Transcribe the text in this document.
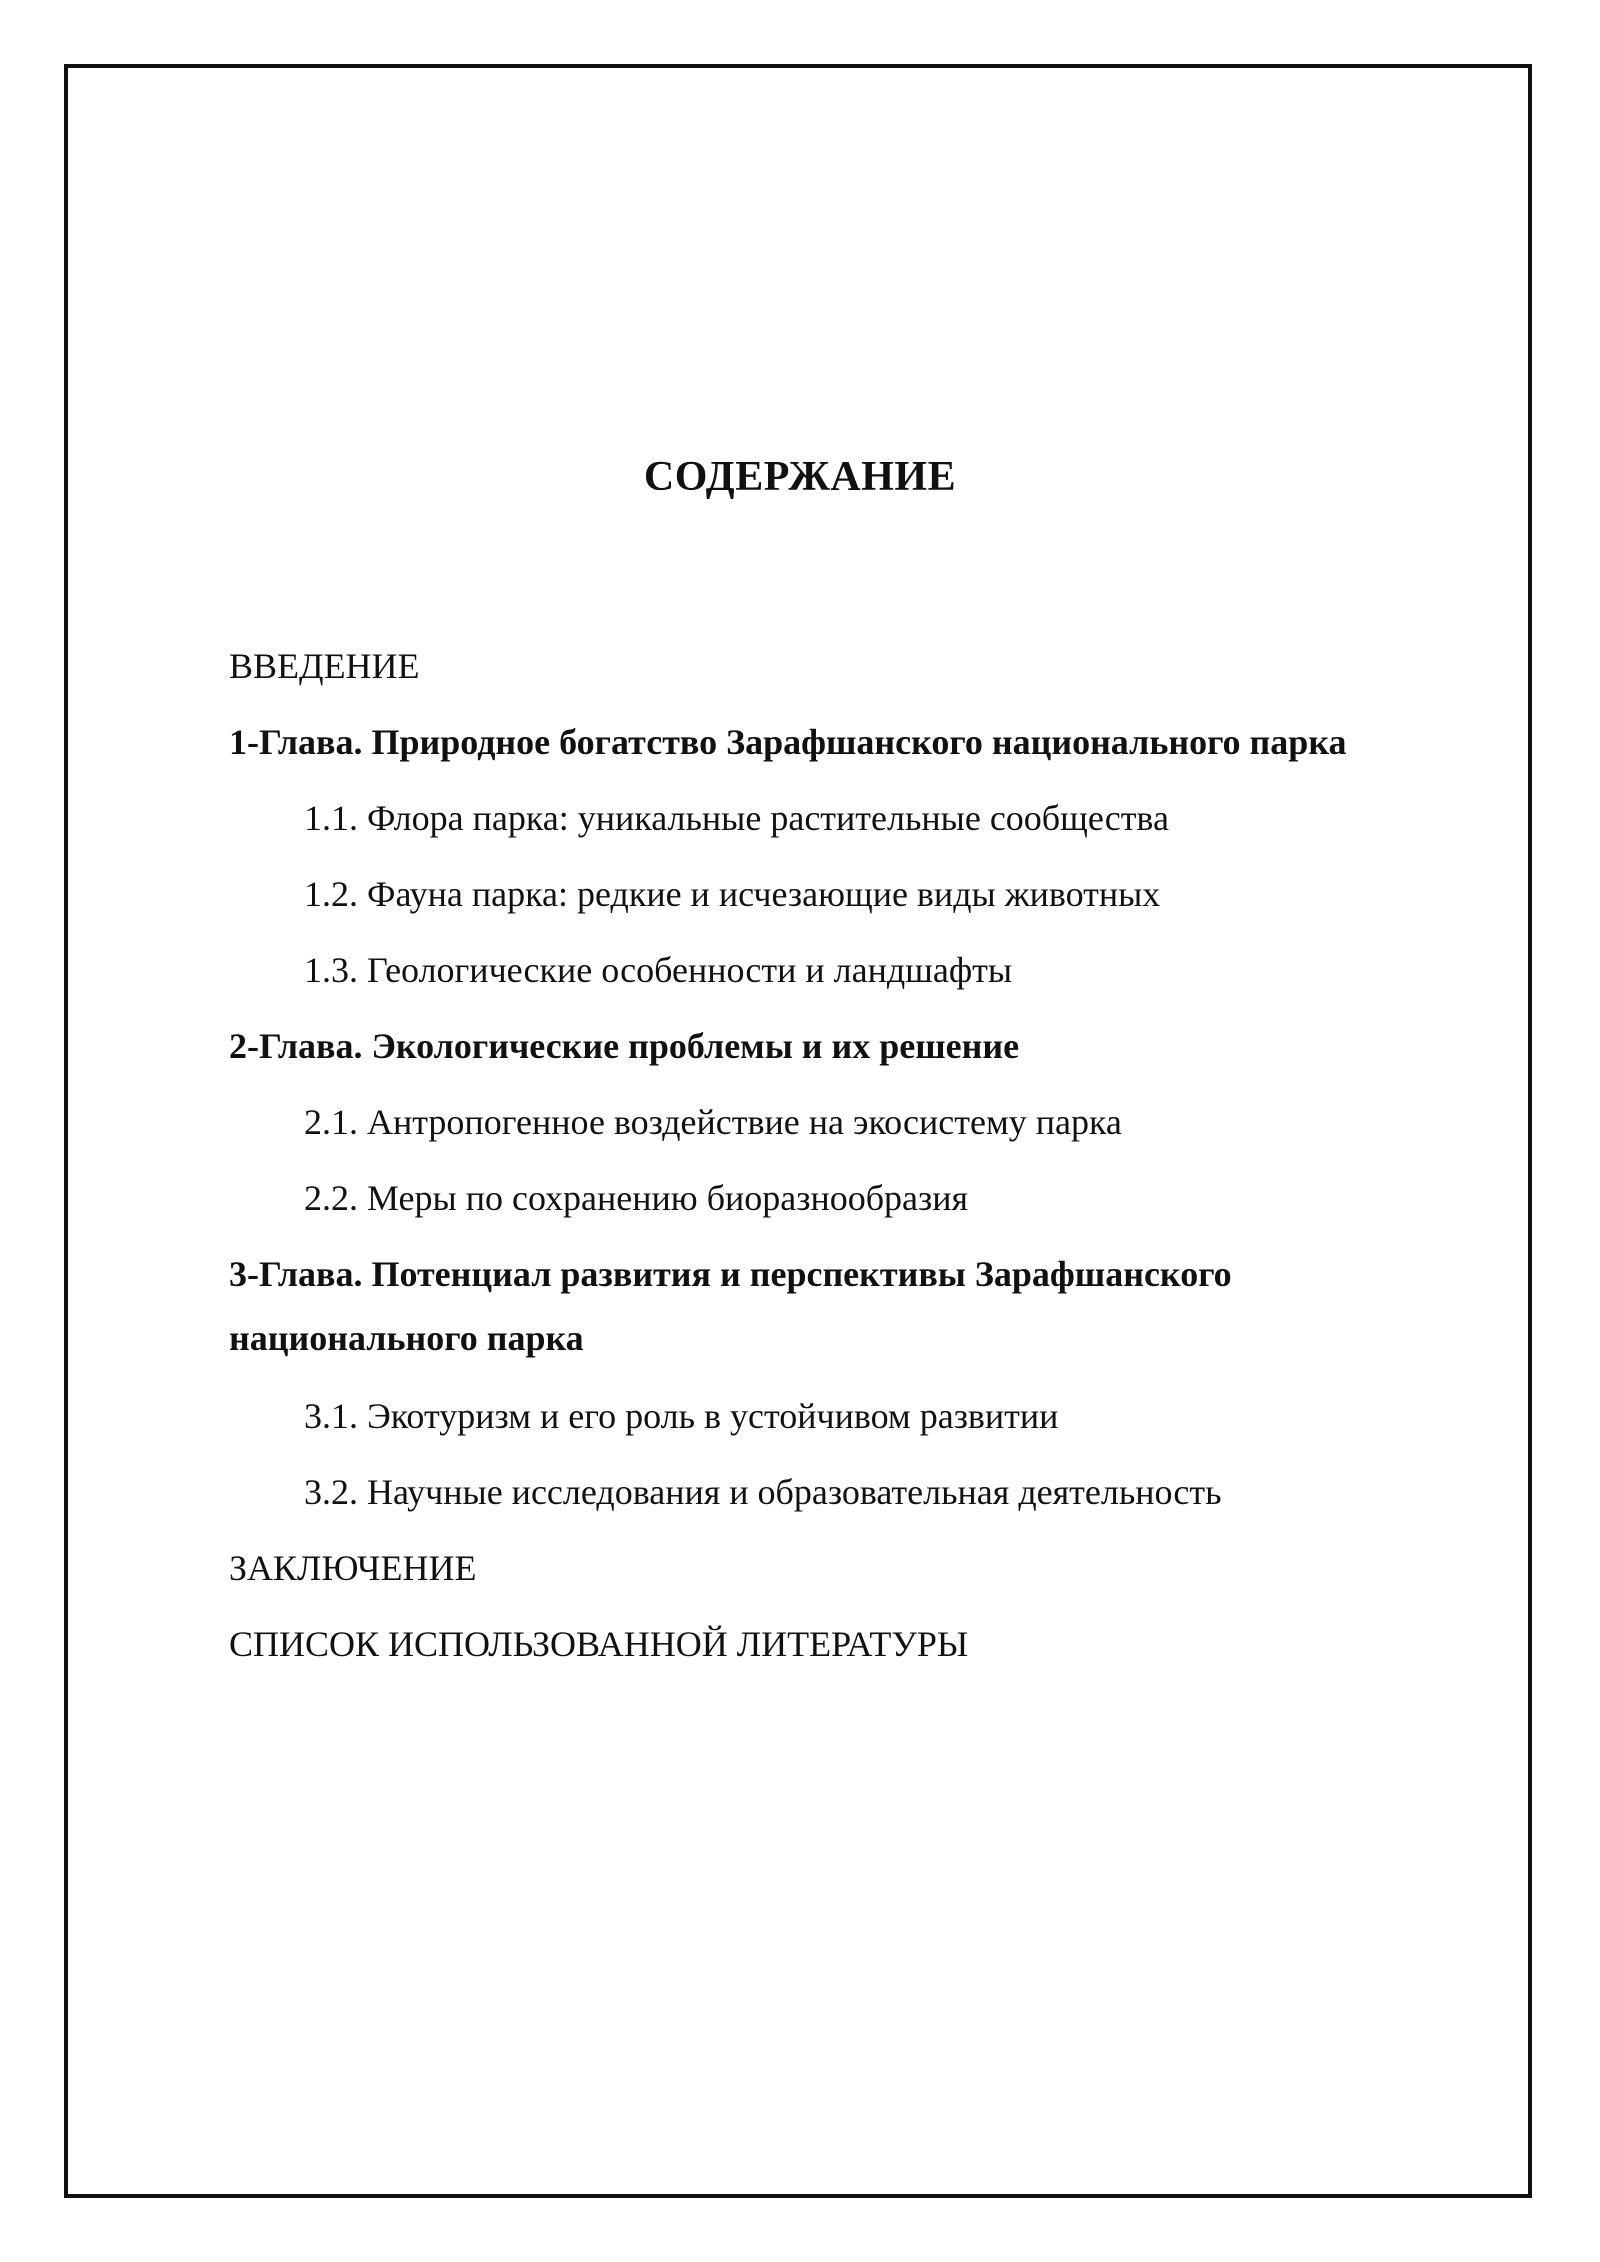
СОДЕРЖАНИЕ
ВВЕДЕНИЕ
1-Глава. Природное богатство Зарафшанского национального парка
1.1. Флора парка: уникальные растительные сообщества
1.2. Фауна парка: редкие и исчезающие виды животных
1.3. Геологические особенности и ландшафты
2-Глава. Экологические проблемы и их решение
2.1. Антропогенное воздействие на экосистему парка
2.2. Меры по сохранению биоразнообразия
3-Глава. Потенциал развития и перспективы Зарафшанского национального парка
3.1. Экотуризм и его роль в устойчивом развитии
3.2. Научные исследования и образовательная деятельность
ЗАКЛЮЧЕНИЕ
СПИСОК ИСПОЛЬЗОВАННОЙ ЛИТЕРАТУРЫ
